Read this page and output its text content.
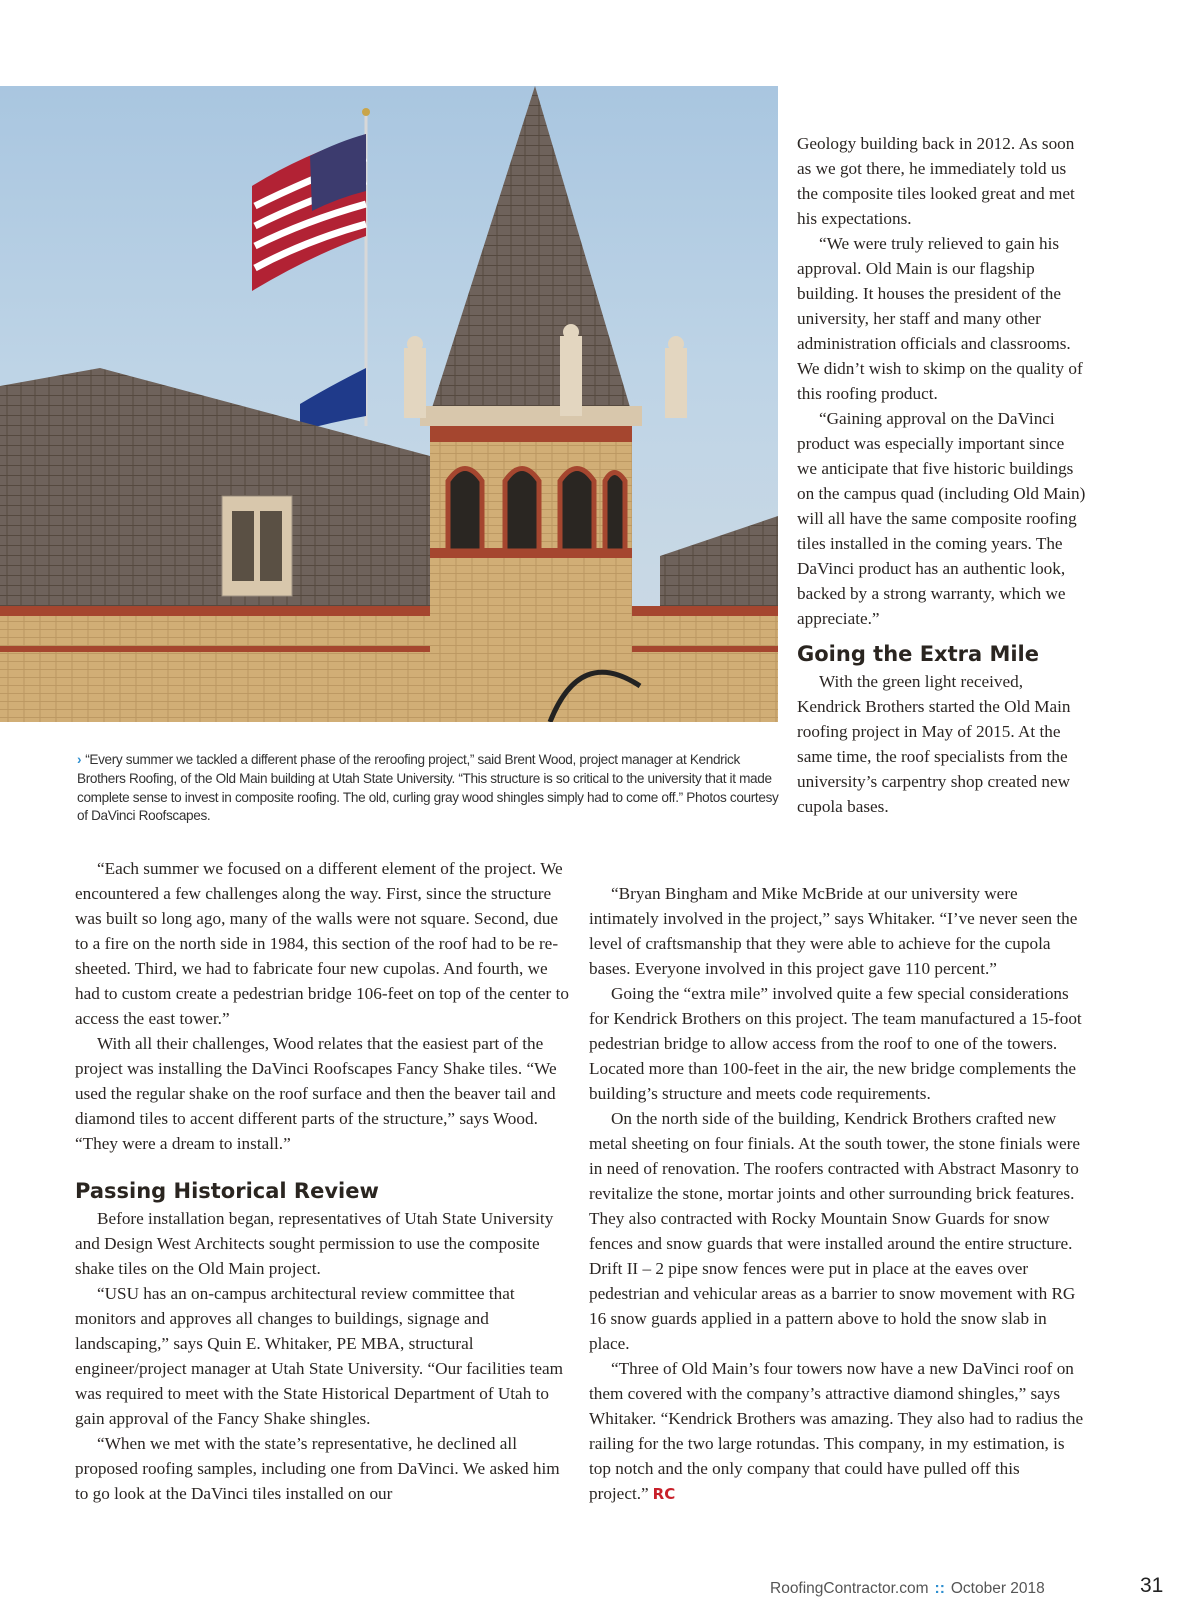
› “Every summer we tackled a different phase of the reroofing project,” said Brent Wood, project manager at Kendrick Brothers Roofing, of the Old Main building at Utah State University. “This structure is so critical to the university that it made complete sense to invest in composite roofing. The old, curling gray wood shingles simply had to come off.” Photos courtesy of DaVinci Roofscapes.

Geology building back in 2012. As soon as we got there, he immediately told us the composite tiles looked great and met his expectations.

“We were truly relieved to gain his approval. Old Main is our flagship building. It houses the president of the university, her staff and many other administration officials and classrooms. We didn’t wish to skimp on the quality of this roofing product.

“Gaining approval on the DaVinci product was especially important since we anticipate that five historic buildings on the campus quad (including Old Main) will all have the same composite roofing tiles installed in the coming years. The DaVinci product has an authentic look, backed by a strong warranty, which we appreciate.”

Going the Extra Mile

With the green light received, Kendrick Brothers started the Old Main roofing project in May of 2015. At the same time, the roof specialists from the university’s carpentry shop created new cupola bases.

“Each summer we focused on a different element of the project. We encountered a few challenges along the way. First, since the structure was built so long ago, many of the walls were not square. Second, due to a fire on the north side in 1984, this section of the roof had to be re-sheeted. Third, we had to fabricate four new cupolas. And fourth, we had to custom create a pedestrian bridge 106-feet on top of the center to access the east tower.”

With all their challenges, Wood relates that the easiest part of the project was installing the DaVinci Roofscapes Fancy Shake tiles. “We used the regular shake on the roof surface and then the beaver tail and diamond tiles to accent different parts of the structure,” says Wood. “They were a dream to install.”

Passing Historical Review

Before installation began, representatives of Utah State University and Design West Architects sought permission to use the composite shake tiles on the Old Main project.

“USU has an on-campus architectural review committee that monitors and approves all changes to buildings, signage and landscaping,” says Quin E. Whitaker, PE MBA, structural engineer/project manager at Utah State University. “Our facilities team was required to meet with the State Historical Department of Utah to gain approval of the Fancy Shake shingles.

“When we met with the state’s representative, he declined all proposed roofing samples, including one from DaVinci. We asked him to go look at the DaVinci tiles installed on our

“Bryan Bingham and Mike McBride at our university were intimately involved in the project,” says Whitaker. “I’ve never seen the level of craftsmanship that they were able to achieve for the cupola bases. Everyone involved in this project gave 110 percent.”

Going the “extra mile” involved quite a few special considerations for Kendrick Brothers on this project. The team manufactured a 15-foot pedestrian bridge to allow access from the roof to one of the towers. Located more than 100-feet in the air, the new bridge complements the building’s structure and meets code requirements.

On the north side of the building, Kendrick Brothers crafted new metal sheeting on four finials. At the south tower, the stone finials were in need of renovation. The roofers contracted with Abstract Masonry to revitalize the stone, mortar joints and other surrounding brick features. They also contracted with Rocky Mountain Snow Guards for snow fences and snow guards that were installed around the entire structure. Drift II – 2 pipe snow fences were put in place at the eaves over pedestrian and vehicular areas as a barrier to snow movement with RG 16 snow guards applied in a pattern above to hold the snow slab in place.

“Three of Old Main’s four towers now have a new DaVinci roof on them covered with the company’s attractive diamond shingles,” says Whitaker. “Kendrick Brothers was amazing. They also had to radius the railing for the two large rotundas. This company, in my estimation, is top notch and the only company that could have pulled off this project.” RC

RoofingContractor.com :: October 2018	31
